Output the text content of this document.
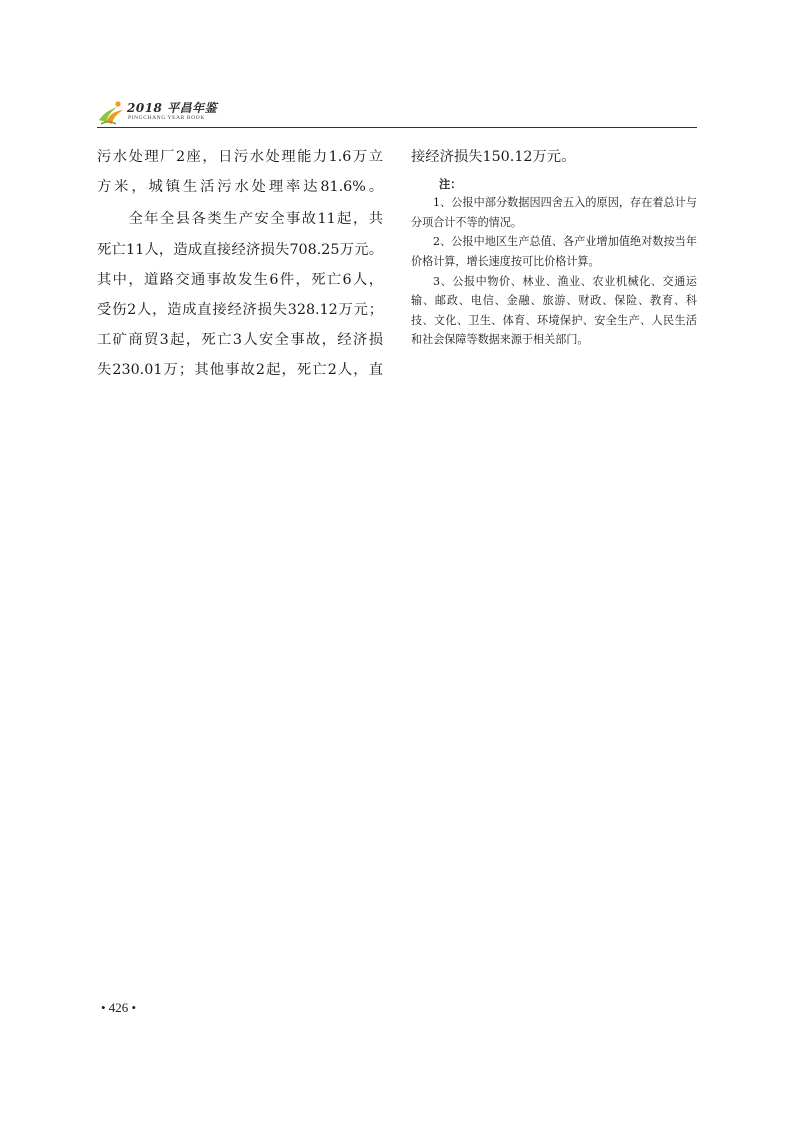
2018 平昌年鉴
PINGCHANG YEAR BOOK

污水处理厂2座，日污水处理能力1.6万立
方米，城镇生活污水处理率达81.6%。

　　全年全县各类生产安全事故11起，共
死亡11人，造成直接经济损失708.25万元。
其中，道路交通事故发生6件，死亡6人，
受伤2人，造成直接经济损失328.12万元；
工矿商贸3起，死亡3人安全事故，经济损
失230.01万；其他事故2起，死亡2人，直

接经济损失150.12万元。

注：

1、公报中部分数据因四舍五入的原因，存在着总计与分项合计不等的情况。

2、公报中地区生产总值、各产业增加值绝对数按当年价格计算，增长速度按可比价格计算。

3、公报中物价、林业、渔业、农业机械化、交通运输、邮政、电信、金融、旅游、财政、保险、教育、科技、文化、卫生、体育、环境保护、安全生产、人民生活和社会保障等数据来源于相关部门。

• 426 •
